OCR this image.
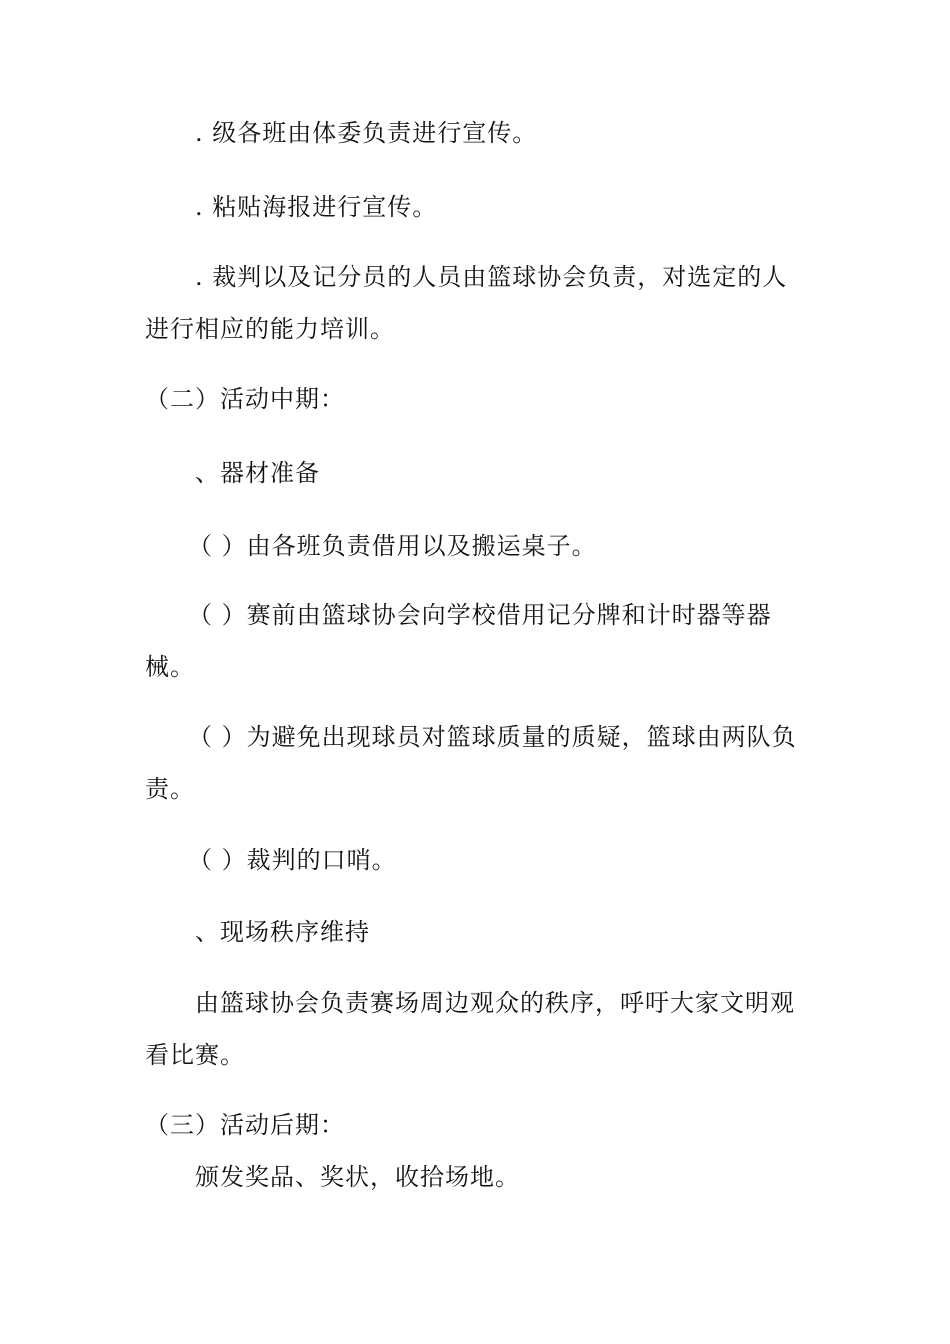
. 级各班由体委负责进行宣传。
. 粘贴海报进行宣传。
. 裁判以及记分员的人员由篮球协会负责，对选定的人
进行相应的能力培训。
（二）活动中期：
、器材准备
（ ）由各班负责借用以及搬运桌子。
（ ）赛前由篮球协会向学校借用记分牌和计时器等器
械。
（ ）为避免出现球员对篮球质量的质疑，篮球由两队负
责。
（ ）裁判的口哨。
、现场秩序维持
由篮球协会负责赛场周边观众的秩序，呼吁大家文明观
看比赛。
（三）活动后期：
颁发奖品、奖状，收拾场地。
